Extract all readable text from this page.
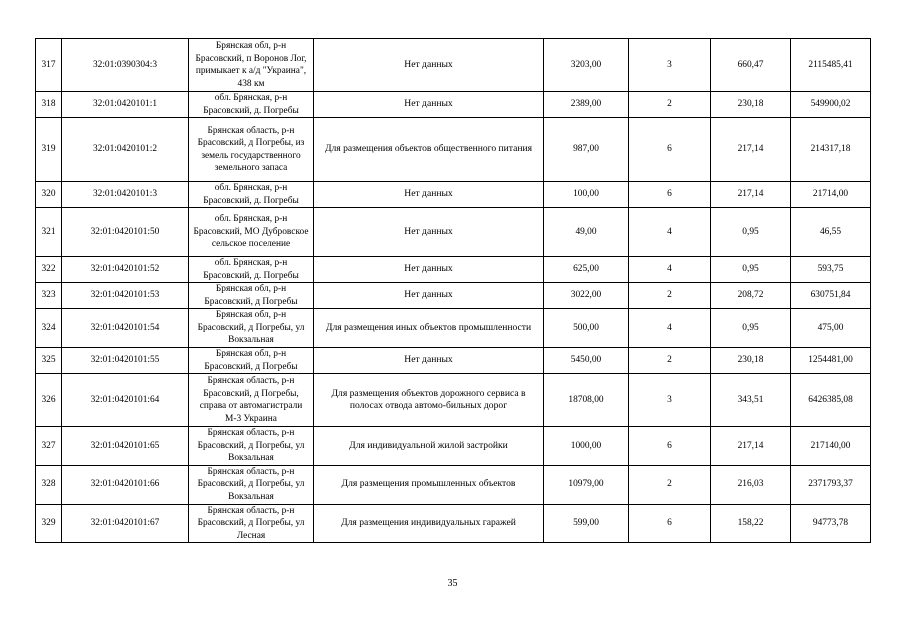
317	32:01:0390304:3	Брянская обл, р-н Брасовский, п Воронов Лог, примыкает к а/д "Украина", 438 км	Нет данных	3203,00	3	660,47	2115485,41
318	32:01:0420101:1	обл. Брянская, р-н Брасовский, д. Погребы	Нет данных	2389,00	2	230,18	549900,02
319	32:01:0420101:2	Брянская область, р-н Брасовский, д Погребы, из земель государственного земельного запаса	Для размещения объектов общественного питания	987,00	6	217,14	214317,18
320	32:01:0420101:3	обл. Брянская, р-н Брасовский, д. Погребы	Нет данных	100,00	6	217,14	21714,00
321	32:01:0420101:50	обл. Брянская, р-н Брасовский, МО Дубровское сельское поселение	Нет данных	49,00	4	0,95	46,55
322	32:01:0420101:52	обл. Брянская, р-н Брасовский, д. Погребы	Нет данных	625,00	4	0,95	593,75
323	32:01:0420101:53	Брянская обл, р-н Брасовский, д Погребы	Нет данных	3022,00	2	208,72	630751,84
324	32:01:0420101:54	Брянская обл, р-н Брасовский, д Погребы, ул Вокзальная	Для размещения иных объектов промышленности	500,00	4	0,95	475,00
325	32:01:0420101:55	Брянская обл, р-н Брасовский, д Погребы	Нет данных	5450,00	2	230,18	1254481,00
326	32:01:0420101:64	Брянская область, р-н Брасовский, д Погребы, справа от автомагистрали М-3 Украина	Для размещения объектов дорожного сервиса в полосах отвода автомо-бильных дорог	18708,00	3	343,51	6426385,08
327	32:01:0420101:65	Брянская область, р-н Брасовский, д Погребы, ул Вокзальная	Для индивидуальной жилой застройки	1000,00	6	217,14	217140,00
328	32:01:0420101:66	Брянская область, р-н Брасовский, д Погребы, ул Вокзальная	Для размещения промышленных объектов	10979,00	2	216,03	2371793,37
329	32:01:0420101:67	Брянская область, р-н Брасовский, д Погребы, ул Лесная	Для размещения индивидуальных гаражей	599,00	6	158,22	94773,78
35
